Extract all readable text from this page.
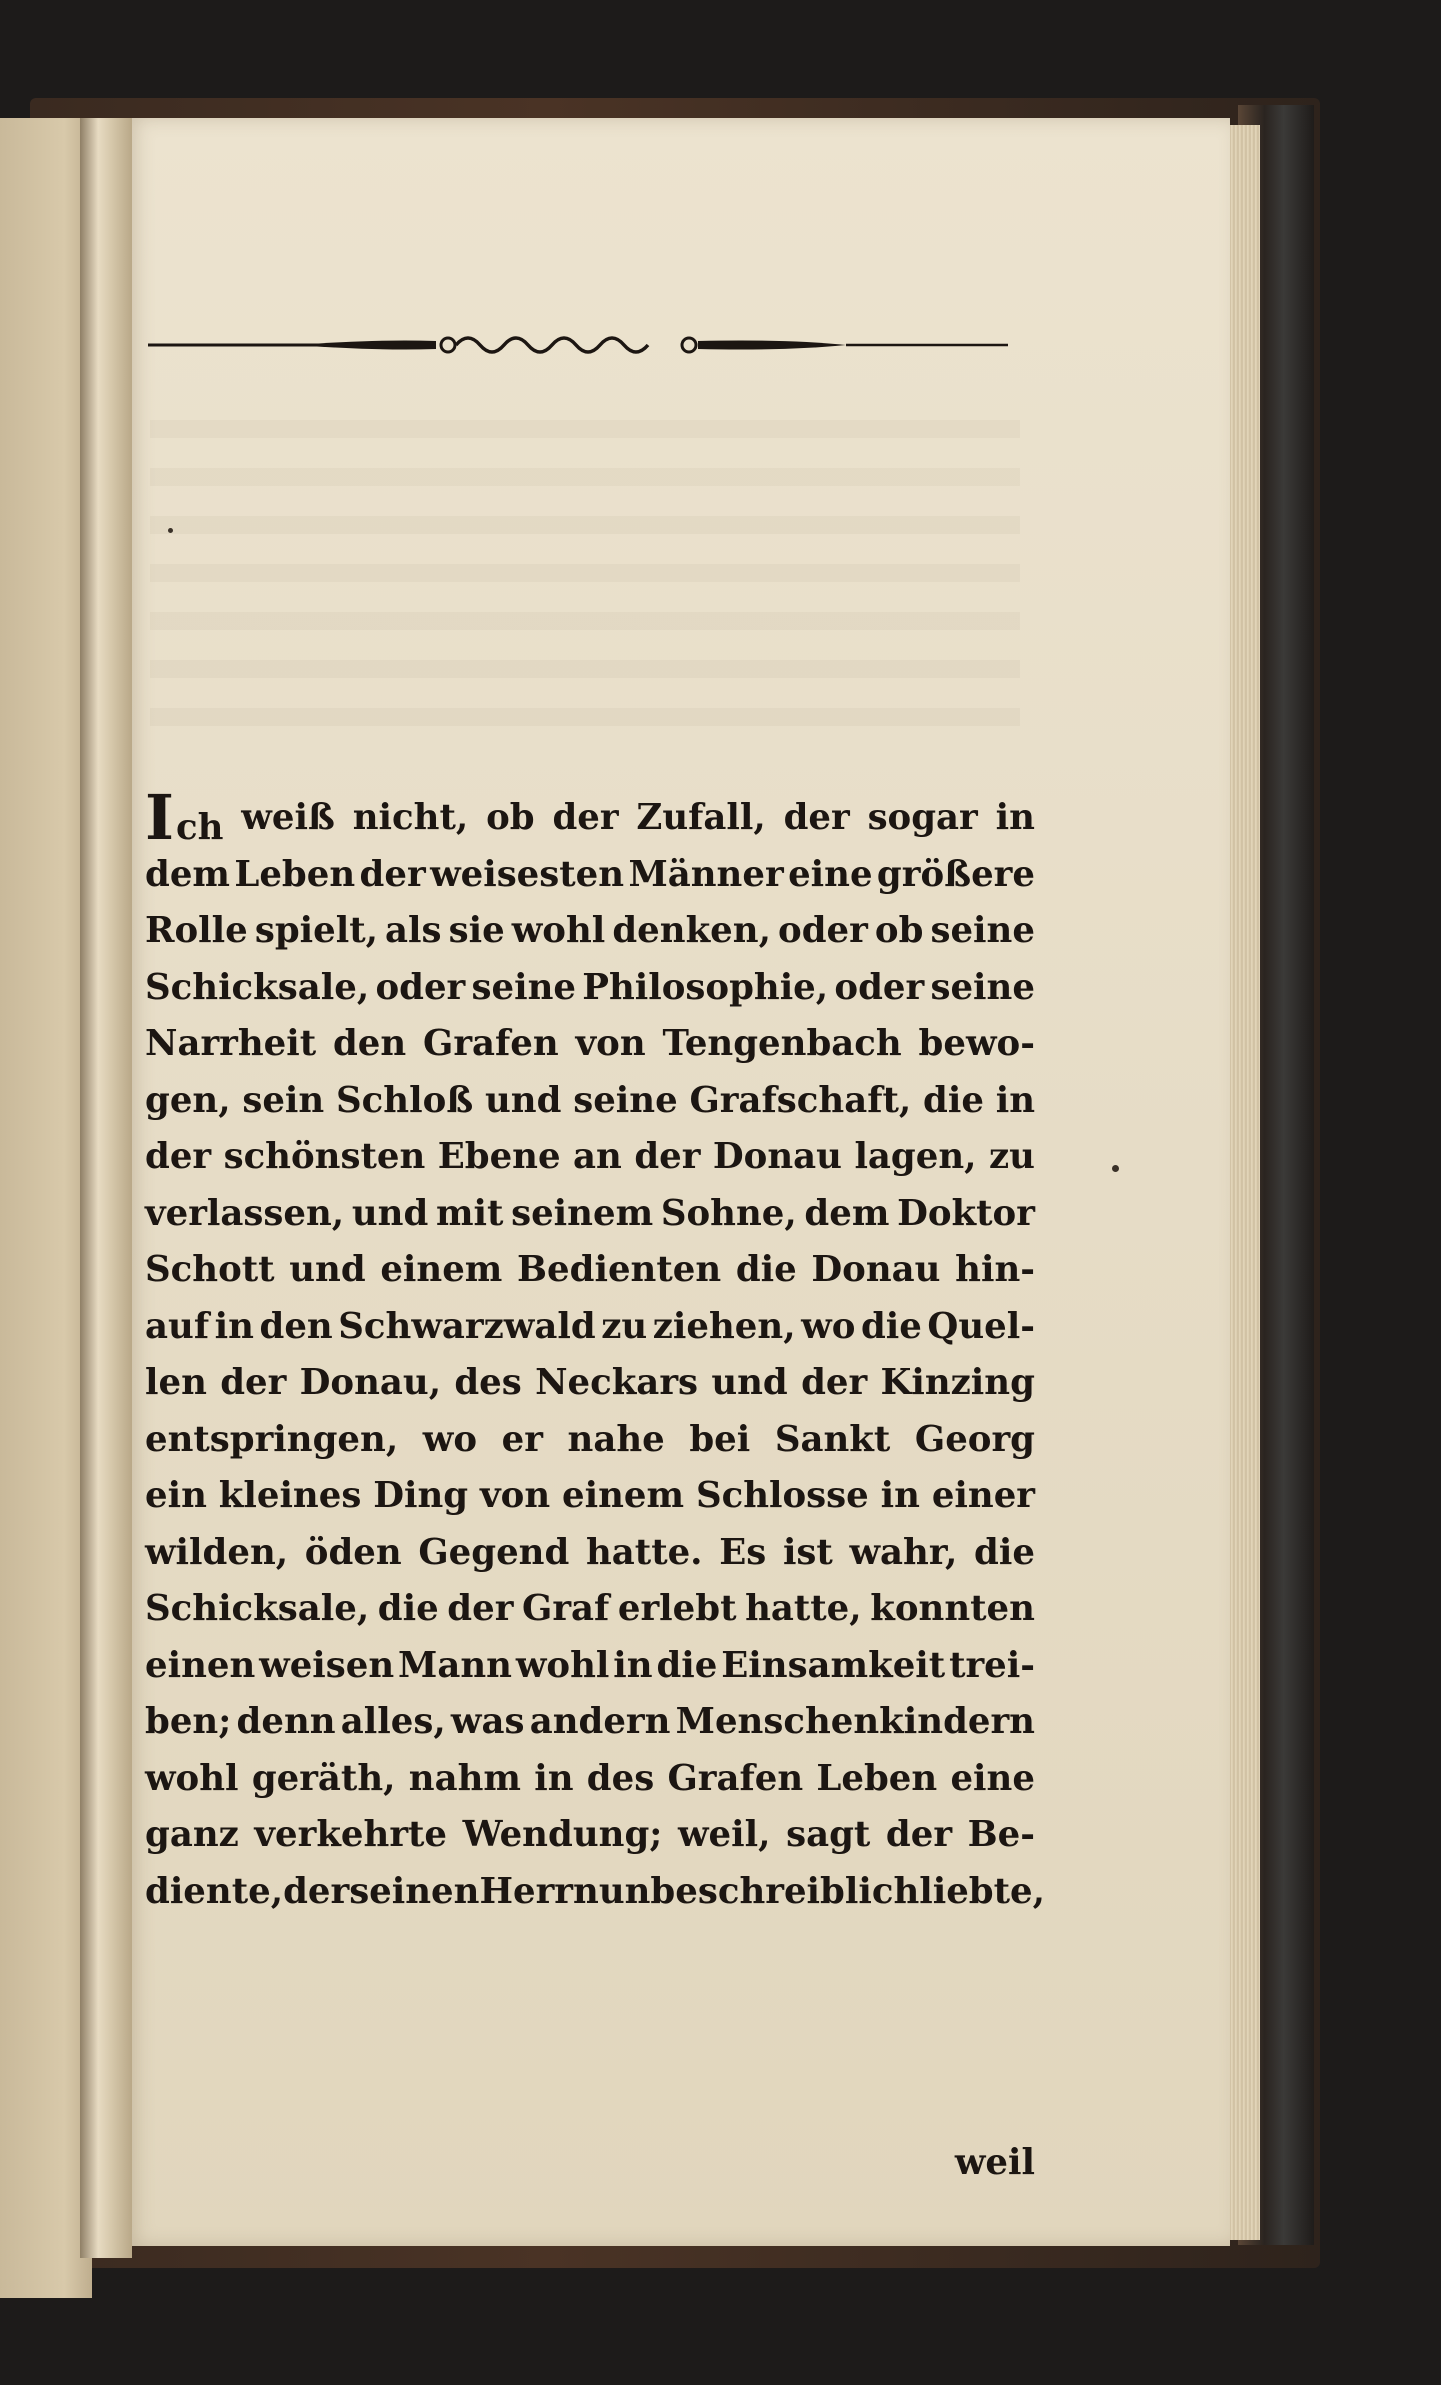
Ich weiß nicht, ob der Zufall, der sogar in
dem Leben der weisesten Männer eine größere
Rolle spielt, als sie wohl denken, oder ob seine
Schicksale, oder seine Philosophie, oder seine
Narrheit den Grafen von Tengenbach bewo-
gen, sein Schloß und seine Grafschaft, die in
der schönsten Ebene an der Donau lagen, zu
verlassen, und mit seinem Sohne, dem Doktor
Schott und einem Bedienten die Donau hin-
auf in den Schwarzwald zu ziehen, wo die Quel-
len der Donau, des Neckars und der Kinzing
entspringen, wo er nahe bei Sankt Georg
ein kleines Ding von einem Schlosse in einer
wilden, öden Gegend hatte. Es ist wahr, die
Schicksale, die der Graf erlebt hatte, konnten
einen weisen Mann wohl in die Einsamkeit trei-
ben; denn alles, was andern Menschenkindern
wohl geräth, nahm in des Grafen Leben eine
ganz verkehrte Wendung; weil, sagt der Be-
diente, der seinen Herrn unbeschreiblich liebte,
weil
